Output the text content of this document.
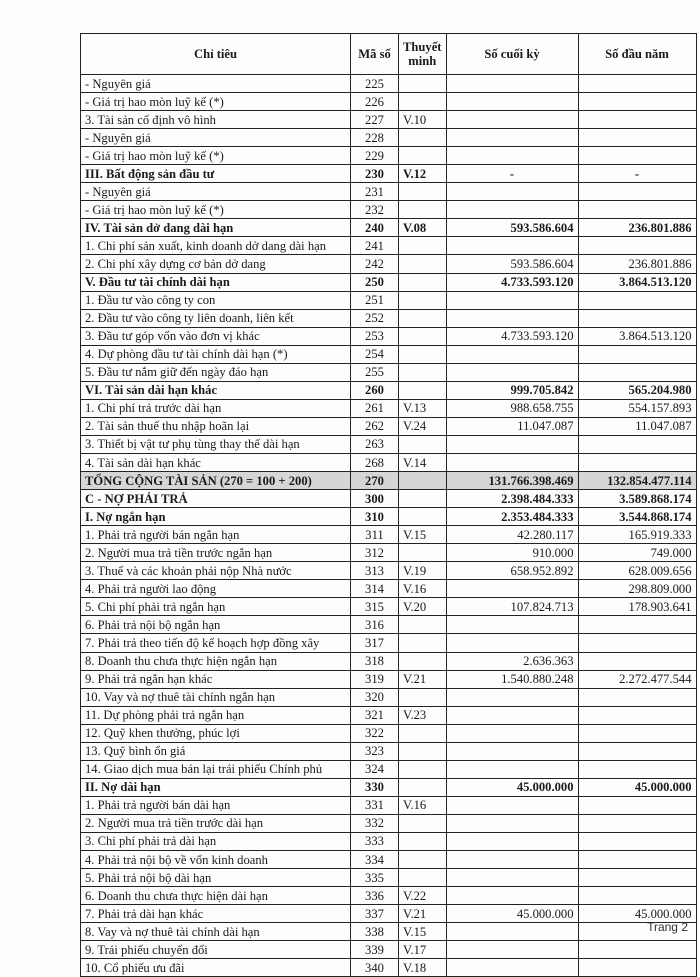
Chỉ tiêu	Mã số	Thuyết minh	Số cuối kỳ	Số đầu năm
- Nguyên giá	225			
- Giá trị hao mòn luỹ kế (*)	226			
3. Tài sản cố định vô hình	227	V.10		
- Nguyên giá	228			
- Giá trị hao mòn luỹ kế (*)	229			
III. Bất động sản đầu tư	230	V.12	-	-
- Nguyên giá	231			
- Giá trị hao mòn luỹ kế (*)	232			
IV. Tài sản dở dang dài hạn	240	V.08	593.586.604	236.801.886
1. Chi phí sản xuất, kinh doanh dở dang dài hạn	241			
2. Chi phí xây dựng cơ bản dở dang	242		593.586.604	236.801.886
V. Đầu tư tài chính dài hạn	250		4.733.593.120	3.864.513.120
1. Đầu tư vào công ty con	251			
2. Đầu tư vào công ty liên doanh, liên kết	252			
3. Đầu tư góp vốn vào đơn vị khác	253		4.733.593.120	3.864.513.120
4. Dự phòng đầu tư tài chính dài hạn (*)	254			
5. Đầu tư nắm giữ đến ngày đáo hạn	255			
VI. Tài sản dài hạn khác	260		999.705.842	565.204.980
1. Chi phí trả trước dài hạn	261	V.13	988.658.755	554.157.893
2. Tài sản thuế thu nhập hoãn lại	262	V.24	11.047.087	11.047.087
3. Thiết bị vật tư phụ tùng thay thế dài hạn	263			
4. Tài sản dài hạn khác	268	V.14		
TỔNG CỘNG TÀI SẢN (270 = 100 + 200)	270		131.766.398.469	132.854.477.114
C - NỢ PHẢI TRẢ	300		2.398.484.333	3.589.868.174
I. Nợ ngắn hạn	310		2.353.484.333	3.544.868.174
1. Phải trả người bán ngắn hạn	311	V.15	42.280.117	165.919.333
2. Người mua trả tiền trước ngắn hạn	312		910.000	749.000
3. Thuế và các khoản phải nộp Nhà nước	313	V.19	658.952.892	628.009.656
4. Phải trả người lao động	314	V.16		298.809.000
5. Chi phí phải trả ngắn hạn	315	V.20	107.824.713	178.903.641
6. Phải trả nội bộ ngắn hạn	316			
7. Phải trả theo tiến độ kế hoạch hợp đồng xây	317			
8. Doanh thu chưa thực hiện ngắn hạn	318		2.636.363	
9. Phải trả ngắn hạn khác	319	V.21	1.540.880.248	2.272.477.544
10. Vay và nợ thuê tài chính ngắn hạn	320			
11. Dự phòng phải trả ngắn hạn	321	V.23		
12. Quỹ khen thưởng, phúc lợi	322			
13. Quỹ bình ổn giá	323			
14. Giao dịch mua bán lại trái phiếu Chính phủ	324			
II. Nợ dài hạn	330		45.000.000	45.000.000
1. Phải trả người bán dài hạn	331	V.16		
2. Người mua trả tiền trước dài hạn	332			
3. Chi phí phải trả dài hạn	333			
4. Phải trả nội bộ về vốn kinh doanh	334			
5. Phải trả nội bộ dài hạn	335			
6. Doanh thu chưa thực hiện dài hạn	336	V.22		
7. Phải trả dài hạn khác	337	V.21	45.000.000	45.000.000
8. Vay và nợ thuê tài chính dài hạn	338	V.15		
9. Trái phiếu chuyển đổi	339	V.17		
10. Cổ phiếu ưu đãi	340	V.18		
Trang 2
